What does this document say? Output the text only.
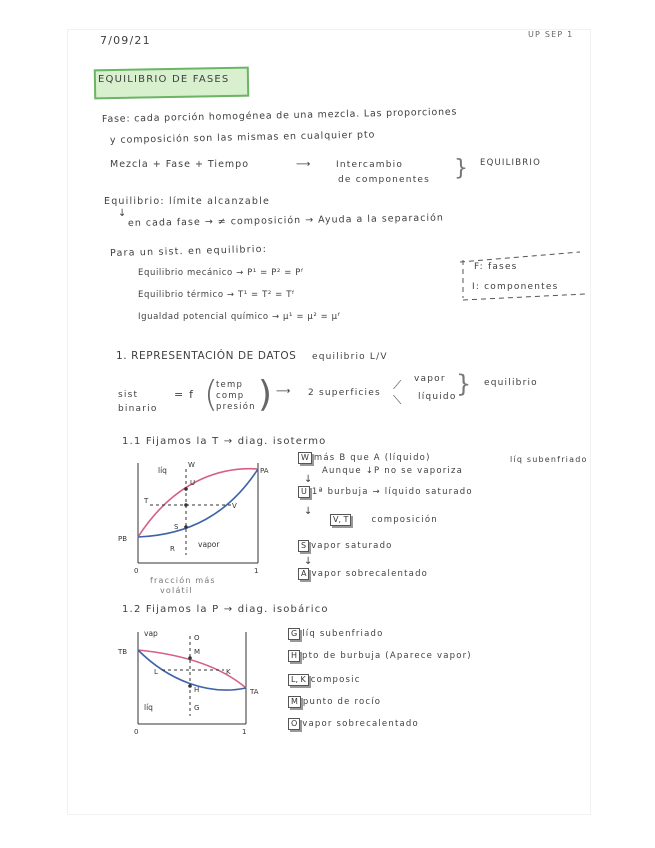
7/09/21	UP SEP 1
EQUILIBRIO DE FASES
Fase: cada porción homogénea de una mezcla. Las proporciones
y composición son las mismas en cualquier pto
Mezcla + Fase + Tiempo	⟶	Intercambio
de componentes } EQUILIBRIO
Equilibrio: límite alcanzable
↓ en cada fase → ≠ composición → Ayuda a la separación
Para un sist. en equilibrio:
Equilibrio mecánico → P¹ = P² = Pᶠ
Equilibrio térmico → T¹ = T² = Tᶠ
Igualdad potencial químico → μ¹ = μ² = μᶠ
F: fases
I: componentes
1. REPRESENTACIÓN DE DATOS equilibrio L/V
sist binario
= f (
temp
comp
presión ) ⟶ 2 superficies
⟋
⟍
vapor
líquido } equilibrio
1.1 Fijamos la T → diag. isotermo
W
U
T
V
S
R
líq
vapor
PA
PB
0	1
fracción más
volátil
W más B que A (líquido)
Aunque ↓P no se vaporiza
líq subenfriado
↓
U 1ª burbuja → líquido saturado
↓
V, T	composición
S vapor saturado
↓
A vapor sobrecalentado
1.2 Fijamos la P → diag. isobárico
O
M
L	K
H
G
vap
líq
TB
TA
0	1
G líq subenfriado
H pto de burbuja (Aparece vapor)
L, K composic
M punto de rocío
O vapor sobrecalentado
